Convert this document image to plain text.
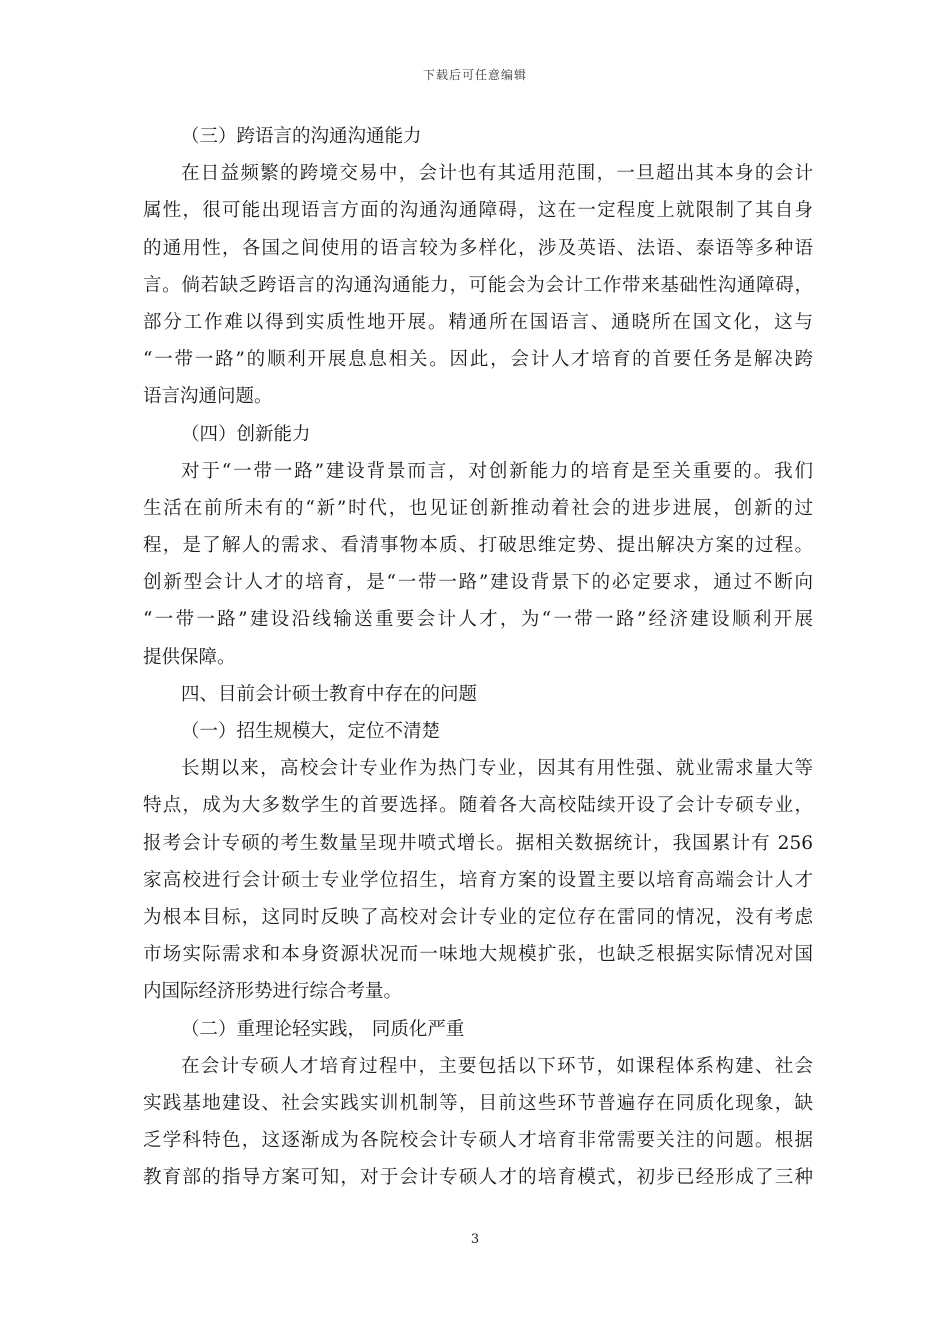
下载后可任意编辑
（三）跨语言的沟通沟通能力
在日益频繁的跨境交易中，会计也有其适用范围，一旦超出其本身的会计
属性，很可能出现语言方面的沟通沟通障碍，这在一定程度上就限制了其自身
的通用性，各国之间使用的语言较为多样化，涉及英语、法语、泰语等多种语
言。倘若缺乏跨语言的沟通沟通能力，可能会为会计工作带来基础性沟通障碍，
部分工作难以得到实质性地开展。精通所在国语言、通晓所在国文化，这与
“一带一路”的顺利开展息息相关。因此，会计人才培育的首要任务是解决跨
语言沟通问题。
（四）创新能力
对于“一带一路”建设背景而言，对创新能力的培育是至关重要的。我们
生活在前所未有的“新”时代，也见证创新推动着社会的进步进展，创新的过
程，是了解人的需求、看清事物本质、打破思维定势、提出解决方案的过程。
创新型会计人才的培育，是“一带一路”建设背景下的必定要求，通过不断向
“一带一路”建设沿线输送重要会计人才，为“一带一路”经济建设顺利开展
提供保障。
四、目前会计硕士教育中存在的问题
（一）招生规模大，定位不清楚
长期以来，高校会计专业作为热门专业，因其有用性强、就业需求量大等
特点，成为大多数学生的首要选择。随着各大高校陆续开设了会计专硕专业，
报考会计专硕的考生数量呈现井喷式增长。据相关数据统计，我国累计有 256
家高校进行会计硕士专业学位招生，培育方案的设置主要以培育高端会计人才
为根本目标，这同时反映了高校对会计专业的定位存在雷同的情况，没有考虑
市场实际需求和本身资源状况而一味地大规模扩张，也缺乏根据实际情况对国
内国际经济形势进行综合考量。
（二）重理论轻实践， 同质化严重
在会计专硕人才培育过程中，主要包括以下环节，如课程体系构建、社会
实践基地建设、社会实践实训机制等，目前这些环节普遍存在同质化现象，缺
乏学科特色，这逐渐成为各院校会计专硕人才培育非常需要关注的问题。根据
教育部的指导方案可知，对于会计专硕人才的培育模式，初步已经形成了三种
3
